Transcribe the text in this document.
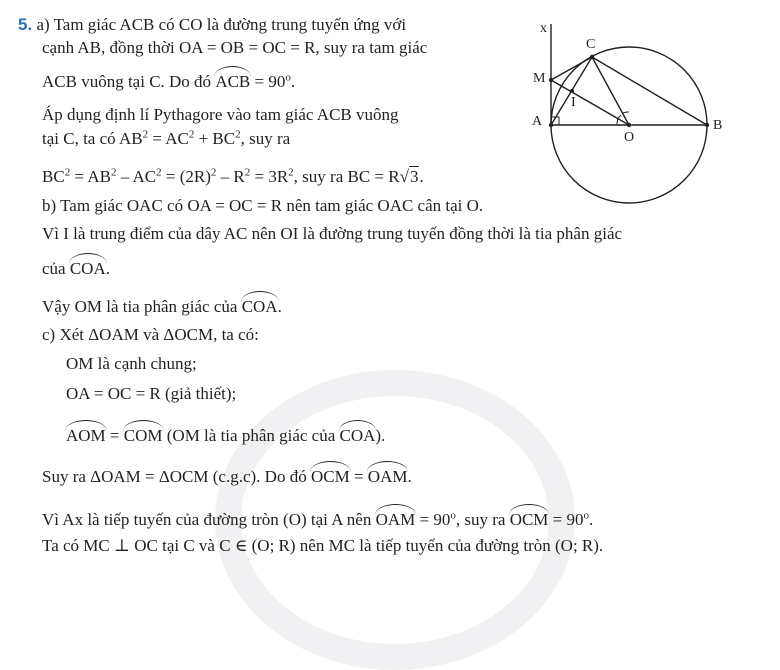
5. a) Tam giác ACB có CO là đường trung tuyến ứng với
cạnh AB, đồng thời OA = OB = OC = R, suy ra tam giác
ACB vuông tại C. Do đó ACB = $90^o$.
Áp dụng định lí Pythagore vào tam giác ACB vuông
tại C, ta có $AB^2 = AC^2 + BC^2$, suy ra
$BC^2 = AB^2 - AC^2 = (2R)^2 - R^2 = 3R^2$, suy ra BC = R√3.
b) Tam giác OAC có OA = OC = R nên tam giác OAC cân tại O.
Vì I là trung điểm của dây AC nên OI là đường trung tuyến đồng thời là tia phân giác
của COA.
Vậy OM là tia phân giác của COA.
c) Xét ΔOAM và ΔOCM, ta có:
OM là cạnh chung;
OA = OC = R (giả thiết);
AOM = COM (OM là tia phân giác của COA).
Suy ra ΔOAM = ΔOCM (c.g.c). Do đó OCM = OAM.
Vì Ax là tiếp tuyến của đường tròn (O) tại A nên OAM = $90^o$, suy ra OCM = $90^o$.
Ta có MC ⊥ OC tại C và C ∈ (O; R) nên MC là tiếp tuyến của đường tròn (O; R).
x
C
M
I
A
O
B
